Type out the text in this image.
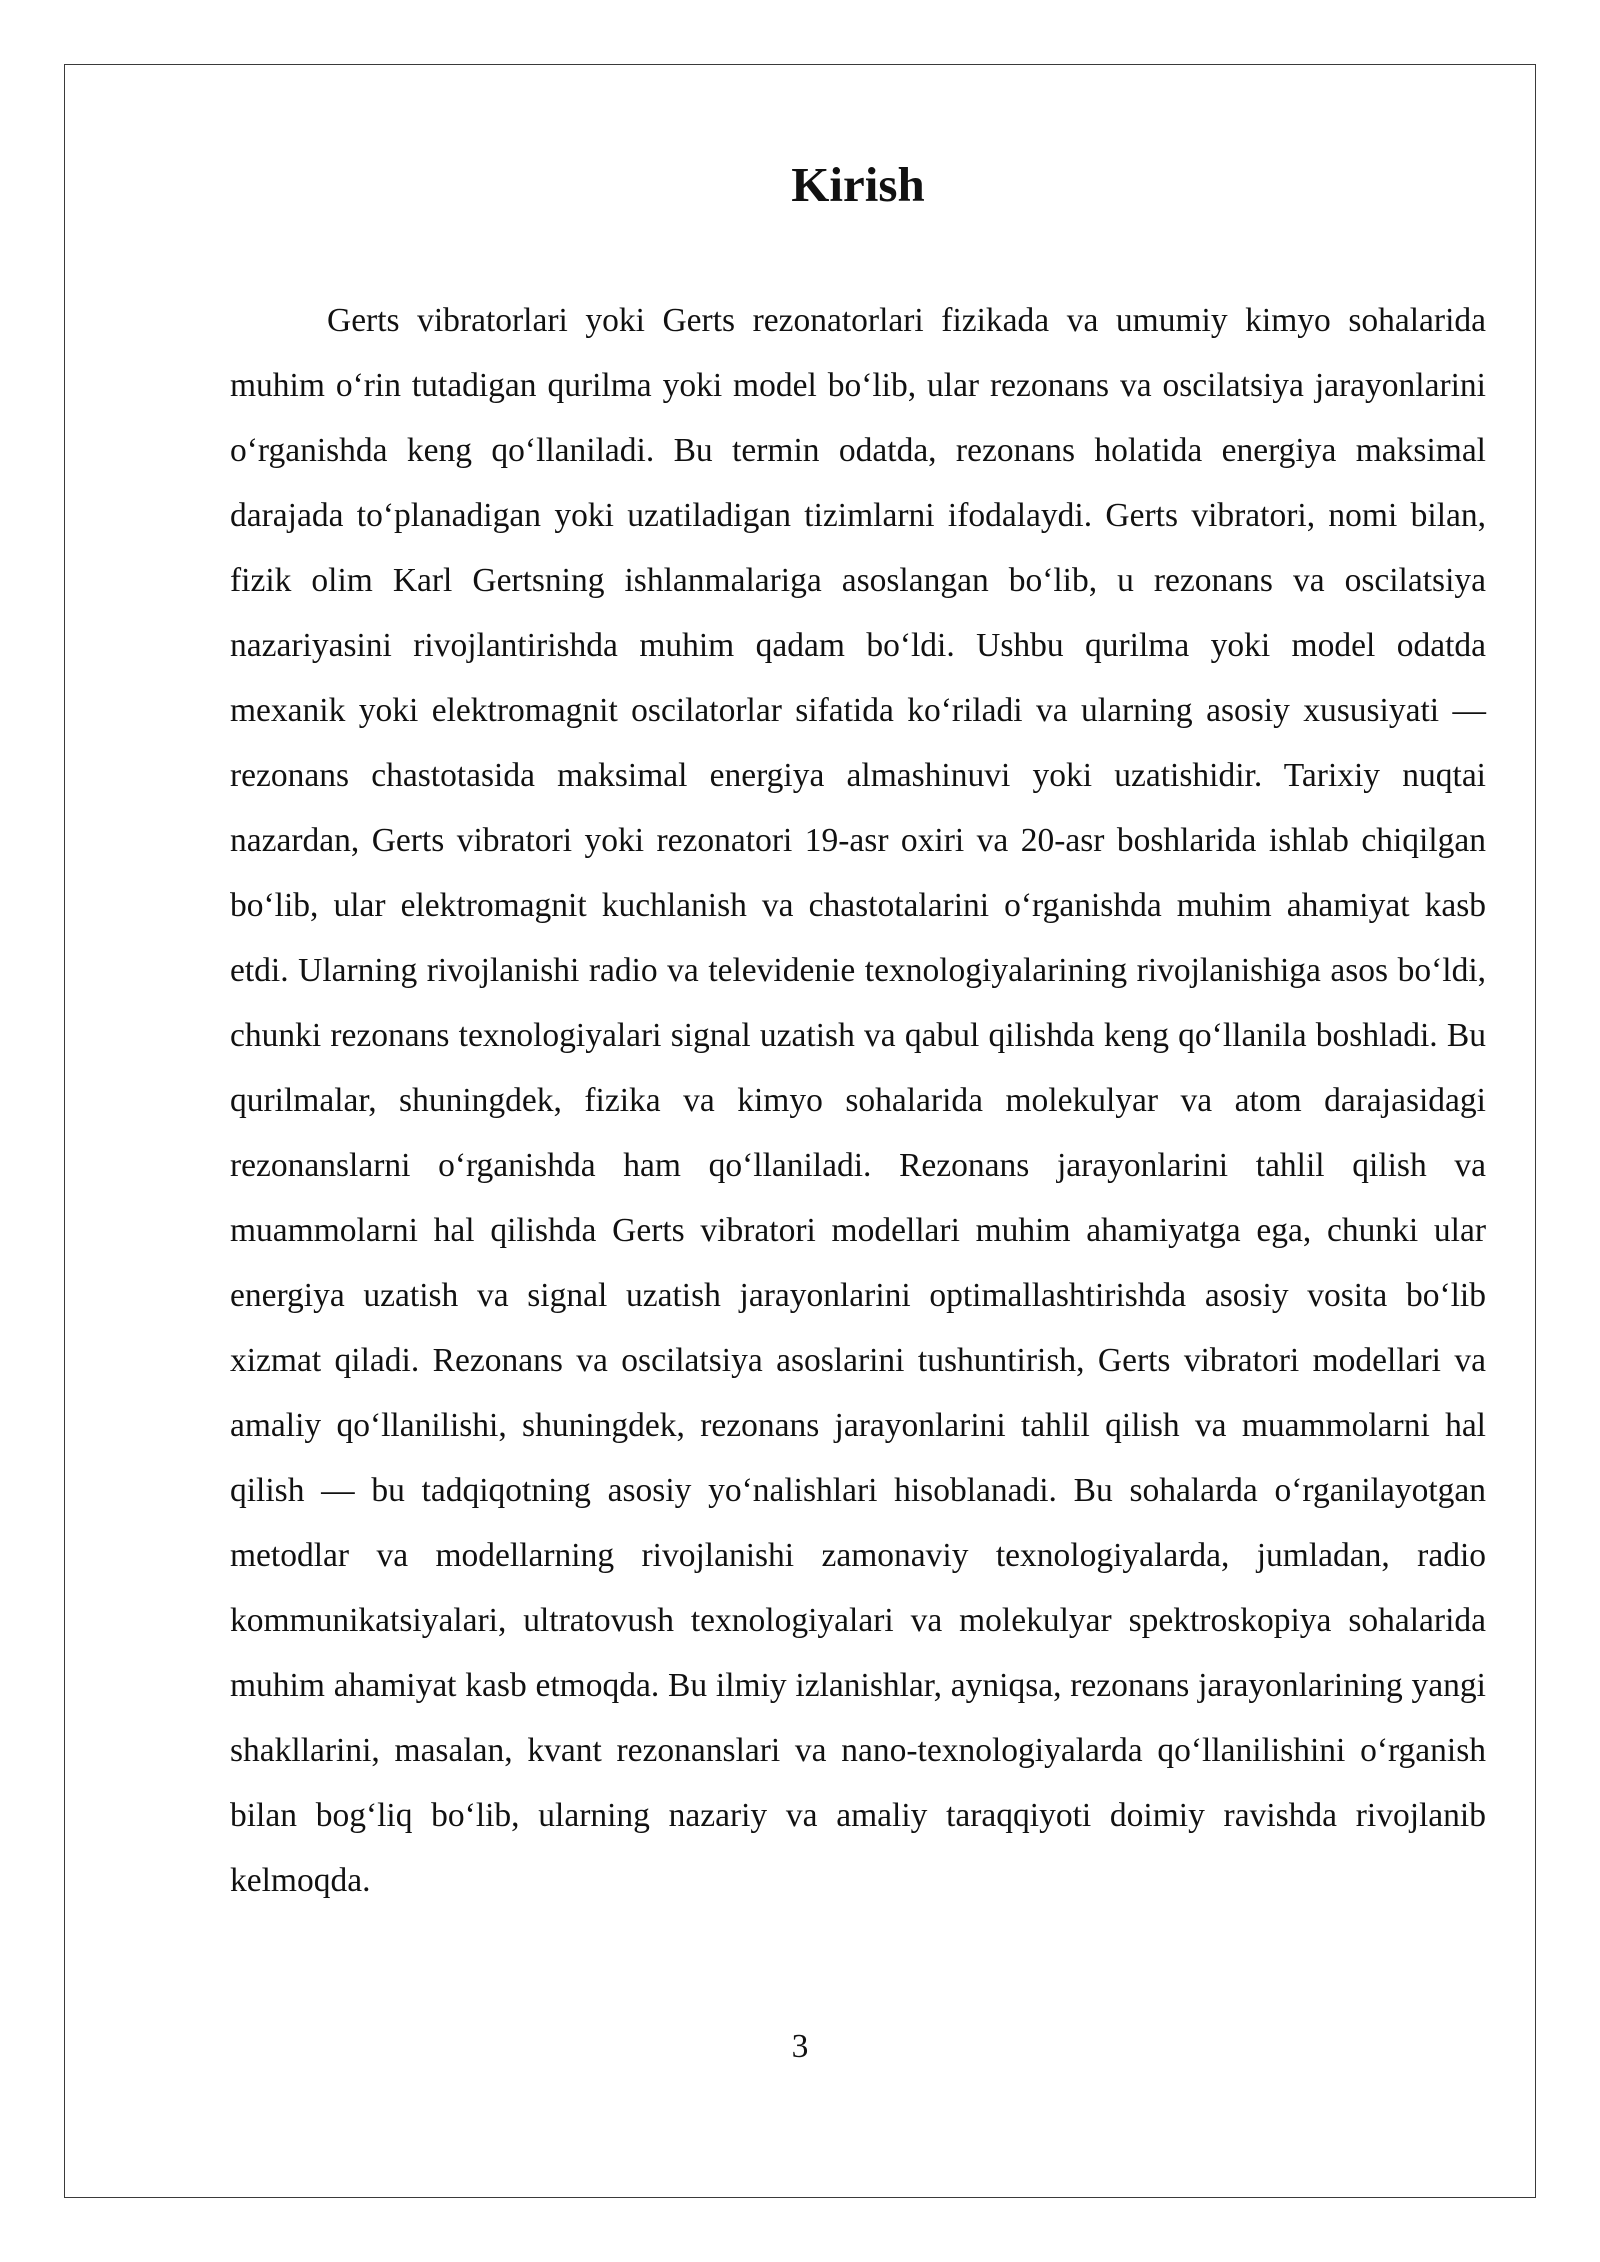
Kirish

Gerts vibratorlari yoki Gerts rezonatorlari fizikada va umumiy kimyo sohalarida muhim o‘rin tutadigan qurilma yoki model bo‘lib, ular rezonans va oscilatsiya jarayonlarini o‘rganishda keng qo‘llaniladi. Bu termin odatda, rezonans holatida energiya maksimal darajada to‘planadigan yoki uzatiladigan tizimlarni ifodalaydi. Gerts vibratori, nomi bilan, fizik olim Karl Gertsning ishlanmalariga asoslangan bo‘lib, u rezonans va oscilatsiya nazariyasini rivojlantirishda muhim qadam bo‘ldi. Ushbu qurilma yoki model odatda mexanik yoki elektromagnit oscilatorlar sifatida ko‘riladi va ularning asosiy xususiyati — rezonans chastotasida maksimal energiya almashinuvi yoki uzatishidir. Tarixiy nuqtai nazardan, Gerts vibratori yoki rezonatori 19-asr oxiri va 20-asr boshlarida ishlab chiqilgan bo‘lib, ular elektromagnit kuchlanish va chastotalarini o‘rganishda muhim ahamiyat kasb etdi. Ularning rivojlanishi radio va televidenie texnologiyalarining rivojlanishiga asos bo‘ldi, chunki rezonans texnologiyalari signal uzatish va qabul qilishda keng qo‘llanila boshladi. Bu qurilmalar, shuningdek, fizika va kimyo sohalarida molekulyar va atom darajasidagi rezonanslarni o‘rganishda ham qo‘llaniladi. Rezonans jarayonlarini tahlil qilish va muammolarni hal qilishda Gerts vibratori modellari muhim ahamiyatga ega, chunki ular energiya uzatish va signal uzatish jarayonlarini optimallashtirishda asosiy vosita bo‘lib xizmat qiladi. Rezonans va oscilatsiya asoslarini tushuntirish, Gerts vibratori modellari va amaliy qo‘llanilishi, shuningdek, rezonans jarayonlarini tahlil qilish va muammolarni hal qilish — bu tadqiqotning asosiy yo‘nalishlari hisoblanadi. Bu sohalarda o‘rganilayotgan metodlar va modellarning rivojlanishi zamonaviy texnologiyalarda, jumladan, radio kommunikatsiyalari, ultratovush texnologiyalari va molekulyar spektroskopiya sohalarida muhim ahamiyat kasb etmoqda. Bu ilmiy izlanishlar, ayniqsa, rezonans jarayonlarining yangi shakllarini, masalan, kvant rezonanslari va nano-texnologiyalarda qo‘llanilishini o‘rganish bilan bog‘liq bo‘lib, ularning nazariy va amaliy taraqqiyoti doimiy ravishda rivojlanib kelmoqda.

3
